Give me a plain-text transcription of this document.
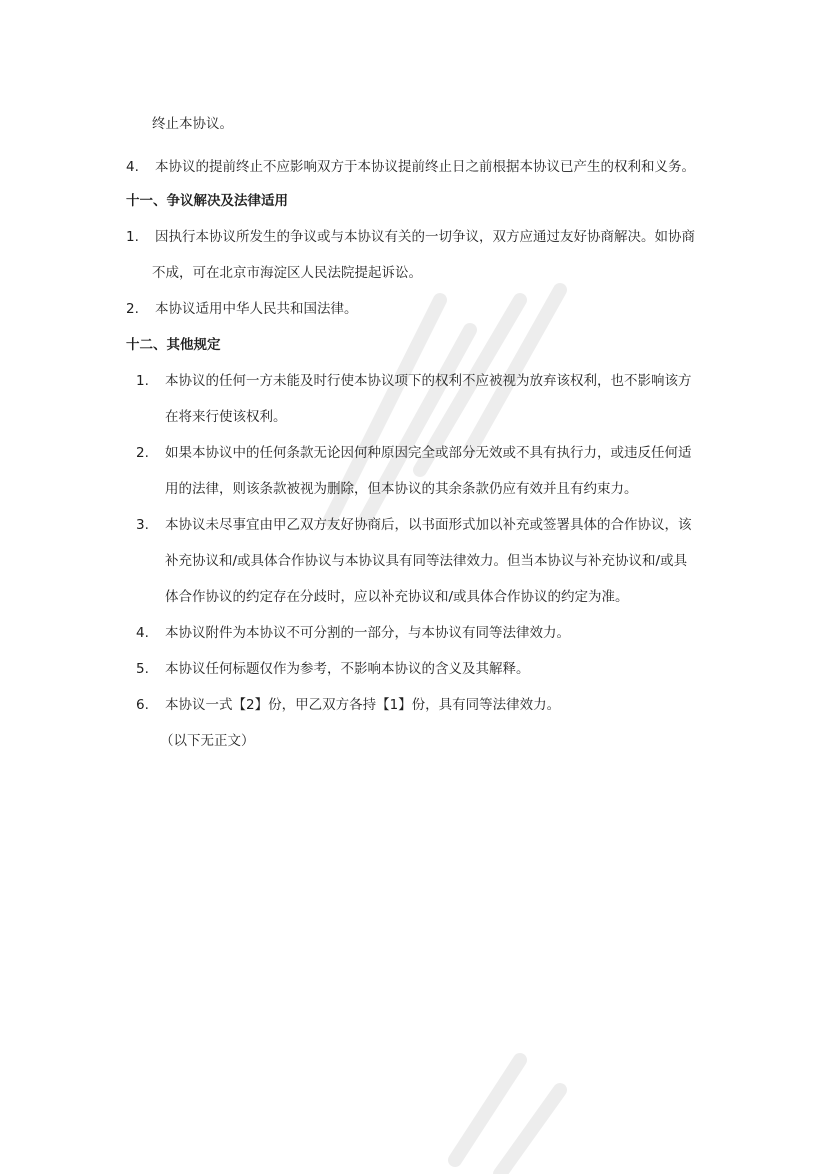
终止本协议。
4. 本协议的提前终止不应影响双方于本协议提前终止日之前根据本协议已产生的权利和义务。
十一、争议解决及法律适用
1. 因执行本协议所发生的争议或与本协议有关的一切争议，双方应通过友好协商解决。如协商
不成，可在北京市海淀区人民法院提起诉讼。
2. 本协议适用中华人民共和国法律。
十二、其他规定
1. 本协议的任何一方未能及时行使本协议项下的权利不应被视为放弃该权利，也不影响该方
在将来行使该权利。
2. 如果本协议中的任何条款无论因何种原因完全或部分无效或不具有执行力，或违反任何适
用的法律，则该条款被视为删除，但本协议的其余条款仍应有效并且有约束力。
3. 本协议未尽事宜由甲乙双方友好协商后，以书面形式加以补充或签署具体的合作协议，该
补充协议和/或具体合作协议与本协议具有同等法律效力。但当本协议与补充协议和/或具
体合作协议的约定存在分歧时，应以补充协议和/或具体合作协议的约定为准。
4. 本协议附件为本协议不可分割的一部分，与本协议有同等法律效力。
5. 本协议任何标题仅作为参考，不影响本协议的含义及其解释。
6. 本协议一式【2】份，甲乙双方各持【1】份，具有同等法律效力。
（以下无正文）
